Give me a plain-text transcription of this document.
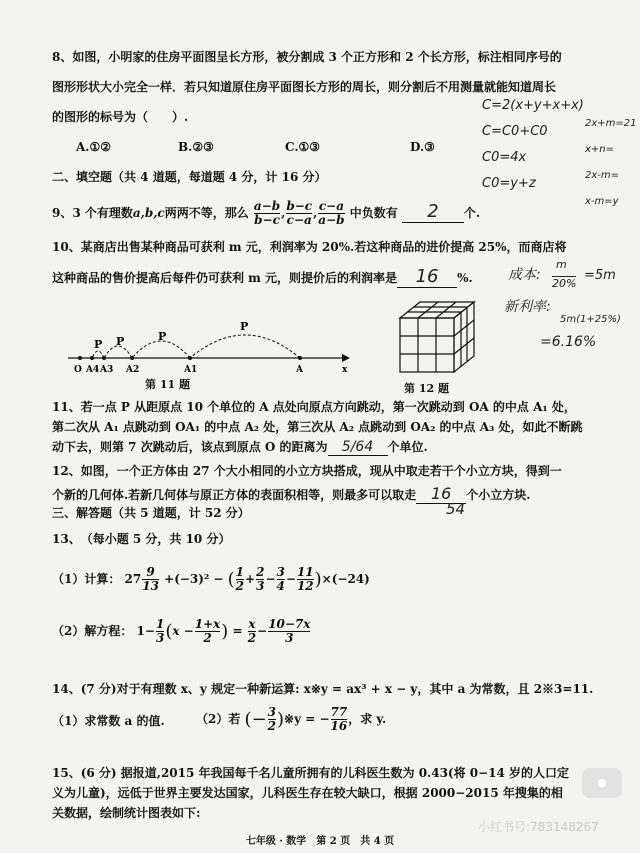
8、如图，小明家的住房平面图呈长方形，被分割成 3 个正方形和 2 个长方形，标注相同序号的
图形形状大小完全一样．若只知道原住房平面图长方形的周长，则分割后不用测量就能知道周长
的图形的标号为（　　）.
A.①②	B.②③	C.①③	D.③
C=2(x+y+x+x)
C=C0+C0
C0=4x
C0=y+z
2x+m=21
x+n=
2x-m=
x-m=y
二、填空题（共 4 道题，每道题 4 分，计 16 分）
9、3 个有理数a,b,c两两不等，那么 $\frac{a-b}{b-c}$ , $\frac{b-c}{c-a}$ , $\frac{c-a}{a-b}$ 中负数有 2 个.
10、某商店出售某种商品可获利 m 元，利润率为 20%.若这种商品的进价提高 25%，而商店将
这种商品的售价提高后每件仍可获利 m 元，则提价后的利润率是 16 %.	成本:
m
20%
=5m
新利率:
5m(1+25%)
=6.16%
P
P
P
P
O A4 A3 A2	A1	A	x
第 11 题	第 12 题
11、若一点 P 从距原点 10 个单位的 A 点处向原点方向跳动，第一次跳动到 OA 的中点 A₁ 处，
第二次从 A₁ 点跳动到 OA₁ 的中点 A₂ 处，第三次从 A₂ 点跳动到 OA₂ 的中点 A₃ 处，如此不断跳
动下去，则第 7 次跳动后，该点到原点 O 的距离为 5/64 个单位.
12、如图，一个正方体由 27 个大小相同的小立方块搭成，现从中取走若干个小立方块，得到一
个新的几何体.若新几何体与原正方体的表面积相等，则最多可以取走 16 个小立方块.
54
三、解答题（共 5 道题，计 52 分）
13、　（每小题 5 分，共 10 分）
（1）计算： $27 \frac{9}{13} +(-3)^2$ − ( $\frac{1}{2} + \frac{2}{3} - \frac{3}{4} - \frac{11}{12} )\times(-24)$
（2）解方程： $1- \frac{1}{3} (x - \frac{1+x}{2}$ ) = $\frac{x}{2} - \frac{10-7x}{3}$
14、(7 分)对于有理数 x、y 规定一种新运算: x※y = ax³ + x − y，其中 a 为常数，且 2※3=11.
（1）求常数 a 的值.	（2）若 (− $\frac{3}{2}$ )※y = − $\frac{77}{16}$ ，求 y.
15、(6 分) 据报道,2015 年我国每千名儿童所拥有的儿科医生数为 0.43(将 0−14 岁的人口定
义为儿童)，远低于世界主要发达国家，儿科医生存在较大缺口，根据 2000−2015 年搜集的相
关数据，绘制统计图表如下:
●
小红书号:783148267
七年级 · 数学　第 2 页　共 4 页
